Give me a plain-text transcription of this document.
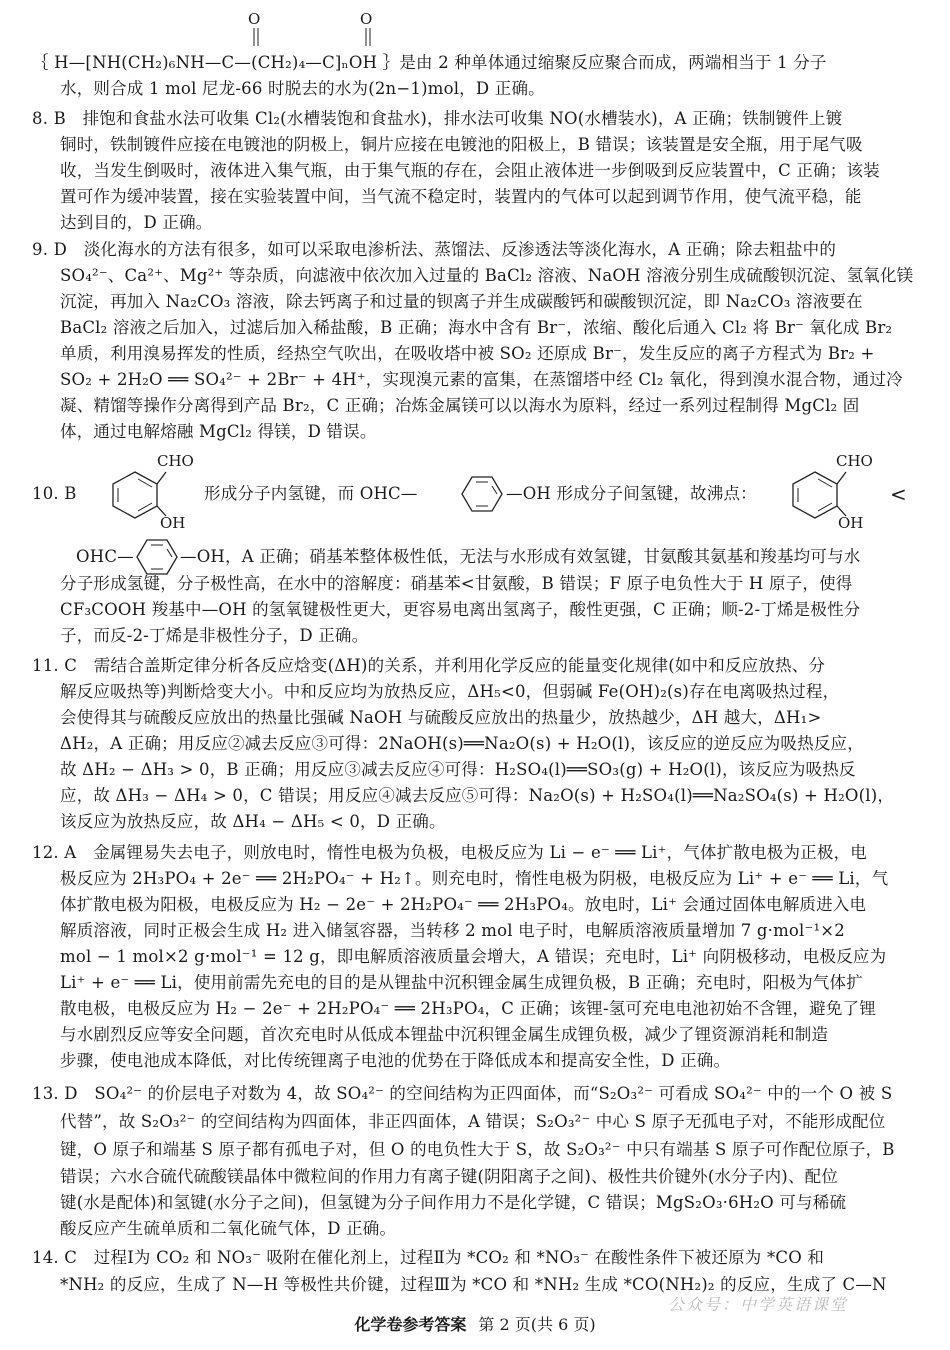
O	O
｛ H—[NH(CH₂)₆NH—C—(CH₂)₄—C]ₙOH ｝是由 2 种单体通过缩聚反应聚合而成，两端相当于 1 分子
水，则合成 1 mol 尼龙-66 时脱去的水为(2n−1)mol，D 正确。
8. B　排饱和食盐水法可收集 Cl₂(水槽装饱和食盐水)，排水法可收集 NO(水槽装水)，A 正确；铁制镀件上镀
铜时，铁制镀件应接在电镀池的阴极上，铜片应接在电镀池的阳极上，B 错误；该装置是安全瓶，用于尾气吸
收，当发生倒吸时，液体进入集气瓶，由于集气瓶的存在，会阻止液体进一步倒吸到反应装置中，C 正确；该装
置可作为缓冲装置，接在实验装置中间，当气流不稳定时，装置内的气体可以起到调节作用，使气流平稳，能
达到目的，D 正确。
9. D　淡化海水的方法有很多，如可以采取电渗析法、蒸馏法、反渗透法等淡化海水，A 正确；除去粗盐中的
SO₄²⁻、Ca²⁺、Mg²⁺ 等杂质，向滤液中依次加入过量的 BaCl₂ 溶液、NaOH 溶液分别生成硫酸钡沉淀、氢氧化镁
沉淀，再加入 Na₂CO₃ 溶液，除去钙离子和过量的钡离子并生成碳酸钙和碳酸钡沉淀，即 Na₂CO₃ 溶液要在
BaCl₂ 溶液之后加入，过滤后加入稀盐酸，B 正确；海水中含有 Br⁻，浓缩、酸化后通入 Cl₂ 将 Br⁻ 氧化成 Br₂
单质，利用溴易挥发的性质，经热空气吹出，在吸收塔中被 SO₂ 还原成 Br⁻，发生反应的离子方程式为 Br₂ +
SO₂ + 2H₂O ══ SO₄²⁻ + 2Br⁻ + 4H⁺，实现溴元素的富集，在蒸馏塔中经 Cl₂ 氧化，得到溴水混合物，通过冷
凝、精馏等操作分离得到产品 Br₂，C 正确；冶炼金属镁可以以海水为原料，经过一系列过程制得 MgCl₂ 固
体，通过电解熔融 MgCl₂ 得镁，D 错误。
10. B
CHO
OH
形成分子内氢键，而 OHC—	—OH 形成分子间氢键，故沸点：
CHO
OH
<
OHC—	—OH，A 正确；硝基苯整体极性低，无法与水形成有效氢键，甘氨酸其氨基和羧基均可与水
分子形成氢键，分子极性高，在水中的溶解度：硝基苯<甘氨酸，B 错误；F 原子电负性大于 H 原子，使得
CF₃COOH 羧基中—OH 的氢氧键极性更大，更容易电离出氢离子，酸性更强，C 正确；顺-2-丁烯是极性分
子，而反-2-丁烯是非极性分子，D 正确。
11. C　需结合盖斯定律分析各反应焓变(ΔH)的关系，并利用化学反应的能量变化规律(如中和反应放热、分
解反应吸热等)判断焓变大小。中和反应均为放热反应，ΔH₅<0，但弱碱 Fe(OH)₂(s)存在电离吸热过程，
会使得其与硫酸反应放出的热量比强碱 NaOH 与硫酸反应放出的热量少，放热越少，ΔH 越大，ΔH₁>
ΔH₂，A 正确；用反应②减去反应③可得：2NaOH(s)══Na₂O(s) + H₂O(l)，该反应的逆反应为吸热反应，
故 ΔH₂ − ΔH₃ > 0，B 正确；用反应③减去反应④可得：H₂SO₄(l)══SO₃(g) + H₂O(l)，该反应为吸热反
应，故 ΔH₃ − ΔH₄ > 0，C 错误；用反应④减去反应⑤可得：Na₂O(s) + H₂SO₄(l)══Na₂SO₄(s) + H₂O(l)，
该反应为放热反应，故 ΔH₄ − ΔH₅ < 0，D 正确。
12. A　金属锂易失去电子，则放电时，惰性电极为负极，电极反应为 Li − e⁻ ══ Li⁺，气体扩散电极为正极，电
极反应为 2H₃PO₄ + 2e⁻ ══ 2H₂PO₄⁻ + H₂↑。则充电时，惰性电极为阴极，电极反应为 Li⁺ + e⁻ ══ Li，气
体扩散电极为阳极，电极反应为 H₂ − 2e⁻ + 2H₂PO₄⁻ ══ 2H₃PO₄。放电时，Li⁺ 会通过固体电解质进入电
解质溶液，同时正极会生成 H₂ 进入储氢容器，当转移 2 mol 电子时，电解质溶液质量增加 7 g·mol⁻¹×2
mol − 1 mol×2 g·mol⁻¹ = 12 g，即电解质溶液质量会增大，A 错误；充电时，Li⁺ 向阴极移动，电极反应为
Li⁺ + e⁻ ══ Li，使用前需先充电的目的是从锂盐中沉积锂金属生成锂负极，B 正确；充电时，阳极为气体扩
散电极，电极反应为 H₂ − 2e⁻ + 2H₂PO₄⁻ ══ 2H₃PO₄，C 正确；该锂-氢可充电电池初始不含锂，避免了锂
与水剧烈反应等安全问题，首次充电时从低成本锂盐中沉积锂金属生成锂负极，减少了锂资源消耗和制造
步骤，使电池成本降低，对比传统锂离子电池的优势在于降低成本和提高安全性，D 正确。
13. D　SO₄²⁻ 的价层电子对数为 4，故 SO₄²⁻ 的空间结构为正四面体，而“S₂O₃²⁻ 可看成 SO₄²⁻ 中的一个 O 被 S
代替”，故 S₂O₃²⁻ 的空间结构为四面体，非正四面体，A 错误；S₂O₃²⁻ 中心 S 原子无孤电子对，不能形成配位
键，O 原子和端基 S 原子都有孤电子对，但 O 的电负性大于 S，故 S₂O₃²⁻ 中只有端基 S 原子可作配位原子，B
错误；六水合硫代硫酸镁晶体中微粒间的作用力有离子键(阴阳离子之间)、极性共价键外(水分子内)、配位
键(水是配体)和氢键(水分子之间)，但氢键为分子间作用力不是化学键，C 错误；MgS₂O₃·6H₂O 可与稀硫
酸反应产生硫单质和二氧化硫气体，D 正确。
14. C　过程Ⅰ为 CO₂ 和 NO₃⁻ 吸附在催化剂上，过程Ⅱ为 *CO₂ 和 *NO₃⁻ 在酸性条件下被还原为 *CO 和
*NH₂ 的反应，生成了 N—H 等极性共价键，过程Ⅲ为 *CO 和 *NH₂ 生成 *CO(NH₂)₂ 的反应，生成了 C—N
公众号：中学英语课堂
化学卷参考答案 第 2 页(共 6 页)
